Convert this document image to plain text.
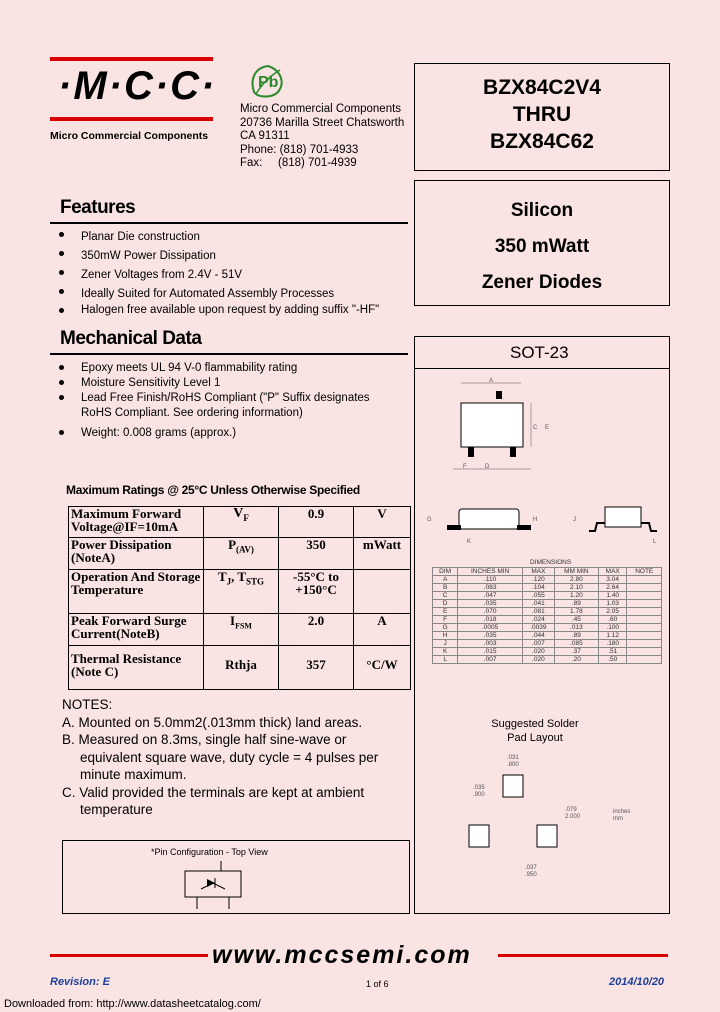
·M·C·C·
Micro Commercial Components
Pb
Micro Commercial Components
20736 Marilla Street Chatsworth
CA 91311
Phone: (818) 701-4933
Fax: (818) 701-4939
BZX84C2V4
THRU
BZX84C62
Silicon
350 mWatt
Zener Diodes
Features
Planar Die construction
350mW Power Dissipation
Zener Voltages from 2.4V - 51V
Ideally Suited for Automated Assembly Processes
Halogen free available upon request by adding suffix "-HF"
Mechanical Data
Epoxy meets UL 94 V-0 flammability rating
Moisture Sensitivity Level 1
Lead Free Finish/RoHS Compliant ("P" Suffix designates
RoHS Compliant. See ordering information)
Weight: 0.008 grams (approx.)
Maximum Ratings @ 25°C Unless Otherwise Specified
Maximum Forward Voltage@IF=10mA	$V_F$	0.9	V
Power Dissipation (NoteA)	$P_{(AV)}$	350	mWatt
Operation And Storage Temperature	$T_J$, $T_{STG}$	-55°C to +150°C	
Peak Forward Surge Current(NoteB)	$I_{FSM}$	2.0	A
Thermal Resistance (Note C)	Rthja	357	°C/W
NOTES:
A. Mounted on 5.0mm2(.013mm thick) land areas.
B. Measured on 8.3ms, single half sine-wave or
equivalent square wave, duty cycle = 4 pulses per
minute maximum.
C. Valid provided the terminals are kept at ambient
temperature
*Pin Configuration - Top View
SOT-23
A
C E
F	D
G	H
K
J
L
Suggested Solder
Pad Layout
.031
.800
.035
.900
.079
2.000
inches
mm
.037
.950
DIMENSIONS
DIM	INCHES MIN	MAX	MM MIN	MAX	NOTE
A	.110	.120	2.80	3.04	
B	.083	.104	2.10	2.64	
C	.047	.055	1.20	1.40	
D	.035	.041	.89	1.03	
E	.070	.081	1.78	2.05	
F	.018	.024	.45	.60	
G	.0005	.0039	.013	.100	
H	.035	.044	.89	1.12	
J	.003	.007	.085	.180	
K	.015	.020	.37	.51	
L	.007	.020	.20	.50	
www.mccsemi.com
Revision: E	1 of 6	2014/10/20
Downloaded from: http://www.datasheetcatalog.com/
